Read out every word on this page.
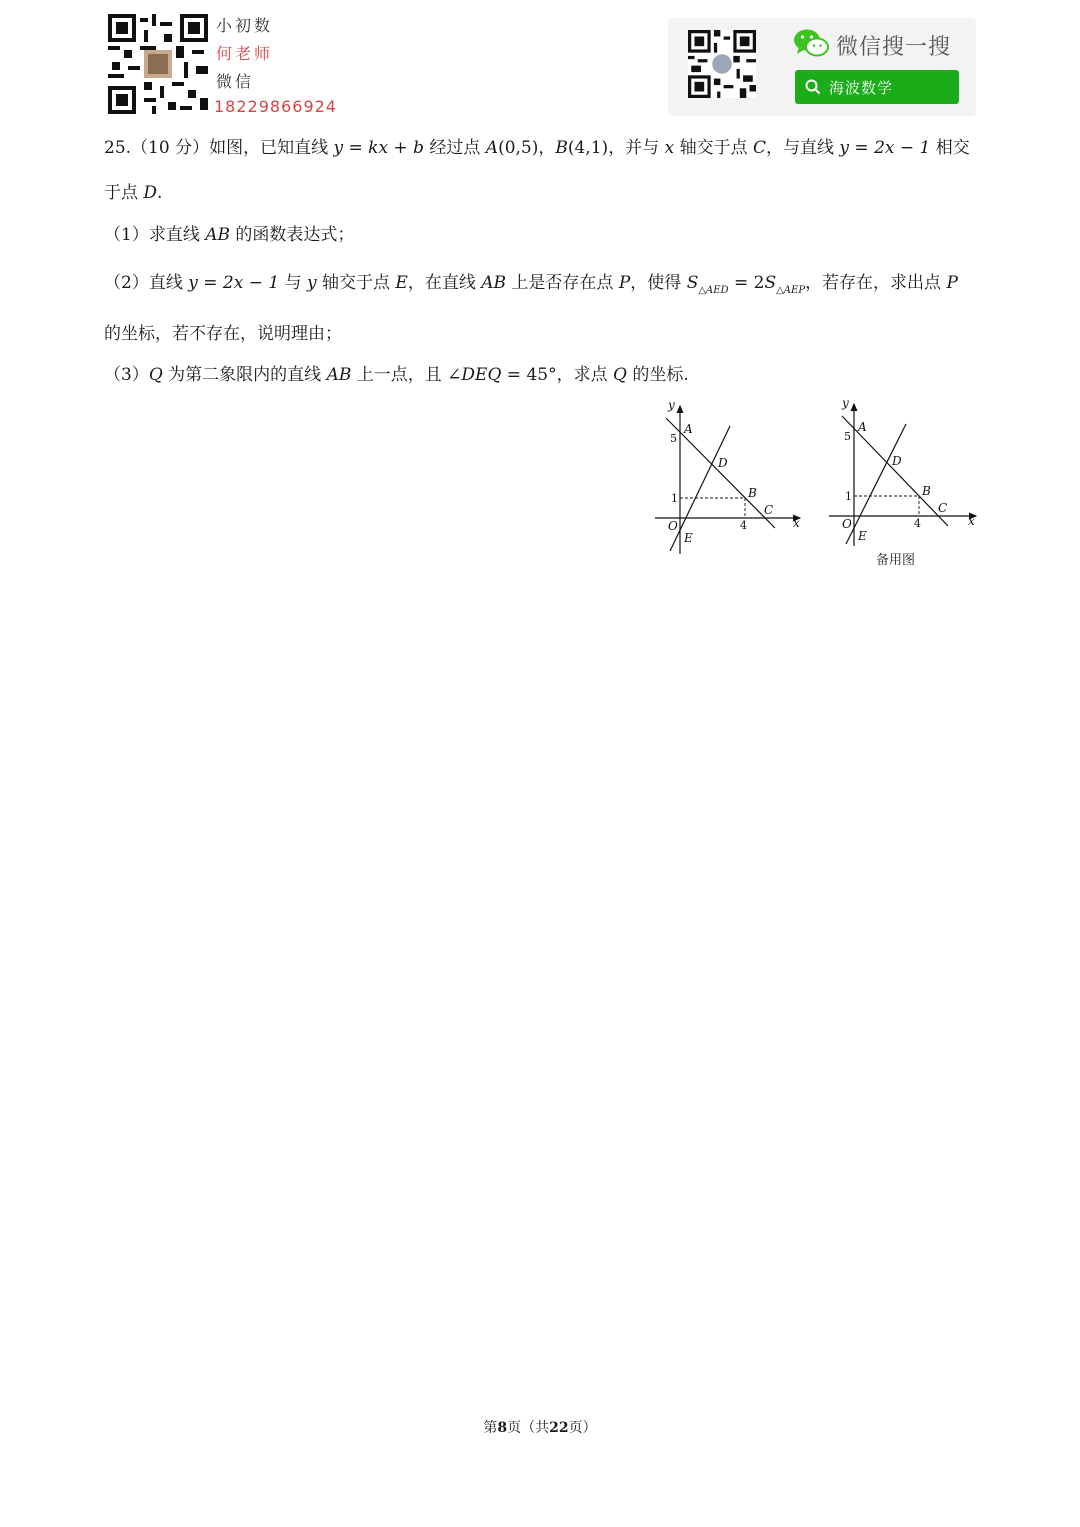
小初数
何老师
微信
18229866924
微信搜一搜
海波数学
25.（10 分）如图，已知直线 y = kx + b 经过点 A(0,5)，B(4,1)，并与 x 轴交于点 C，与直线 y = 2x − 1 相交
于点 D.
（1）求直线 AB 的函数表达式；
（2）直线 y = 2x − 1 与 y 轴交于点 E，在直线 AB 上是否存在点 P，使得 $S_{\triangle AED} = 2S_{\triangle AEP}$，若存在，求出点 P
的坐标，若不存在，说明理由；
（3）Q 为第二象限内的直线 AB 上一点，且 ∠DEQ = 45°，求点 Q 的坐标.
y
x
A
B
C
D
E
O
5
1
4
y
x
A
B
C
D
E
O
5
1
4
备用图
第8页（共22页）
